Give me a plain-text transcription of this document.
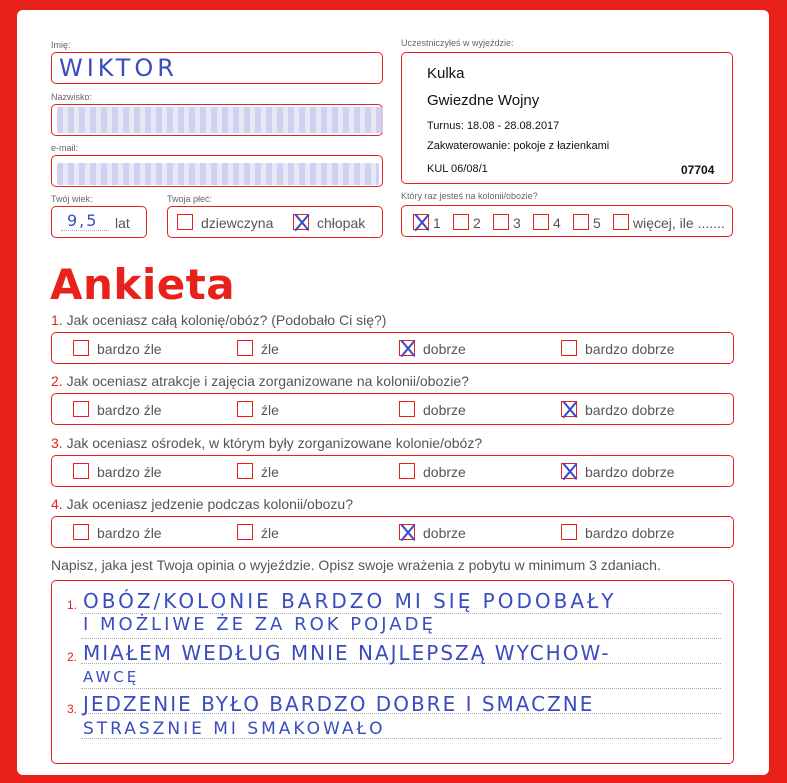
Imię:
WIKTOR
Nazwisko:
e-mail:
Twój wiek:
9,5 lat
Twoja płeć:
dziewczyna	chłopak
Uczestniczyłeś w wyjeździe:
Kulka
Gwiezdne Wojny
Turnus: 18.08 - 28.08.2017
Zakwaterowanie: pokoje z łazienkami
KUL 06/08/1	07704
Który raz jesteś na kolonii/obozie?
1 2 3 4 5 więcej, ile .......
Ankieta
1. Jak oceniasz całą kolonię/obóz? (Podobało Ci się?)
bardzo źle	źle	dobrze	bardzo dobrze
2. Jak oceniasz atrakcje i zajęcia zorganizowane na kolonii/obozie?
bardzo źle	źle	dobrze	bardzo dobrze
3. Jak oceniasz ośrodek, w którym były zorganizowane kolonie/obóz?
bardzo źle	źle	dobrze	bardzo dobrze
4. Jak oceniasz jedzenie podczas kolonii/obozu?
bardzo źle	źle	dobrze	bardzo dobrze
Napisz, jaka jest Twoja opinia o wyjeździe. Opisz swoje wrażenia z pobytu w minimum 3 zdaniach.
1.
2.
3.
OBÓZ/KOLONIE BARDZO MI SIĘ PODOBAŁY
I MOŻLIWE ŻE ZA ROK POJADĘ
MIAŁEM WEDŁUG MNIE NAJLEPSZĄ WYCHOW-
AWCĘ
JEDZENIE BYŁO BARDZO DOBRE I SMACZNE
STRASZNIE MI SMAKOWAŁO
